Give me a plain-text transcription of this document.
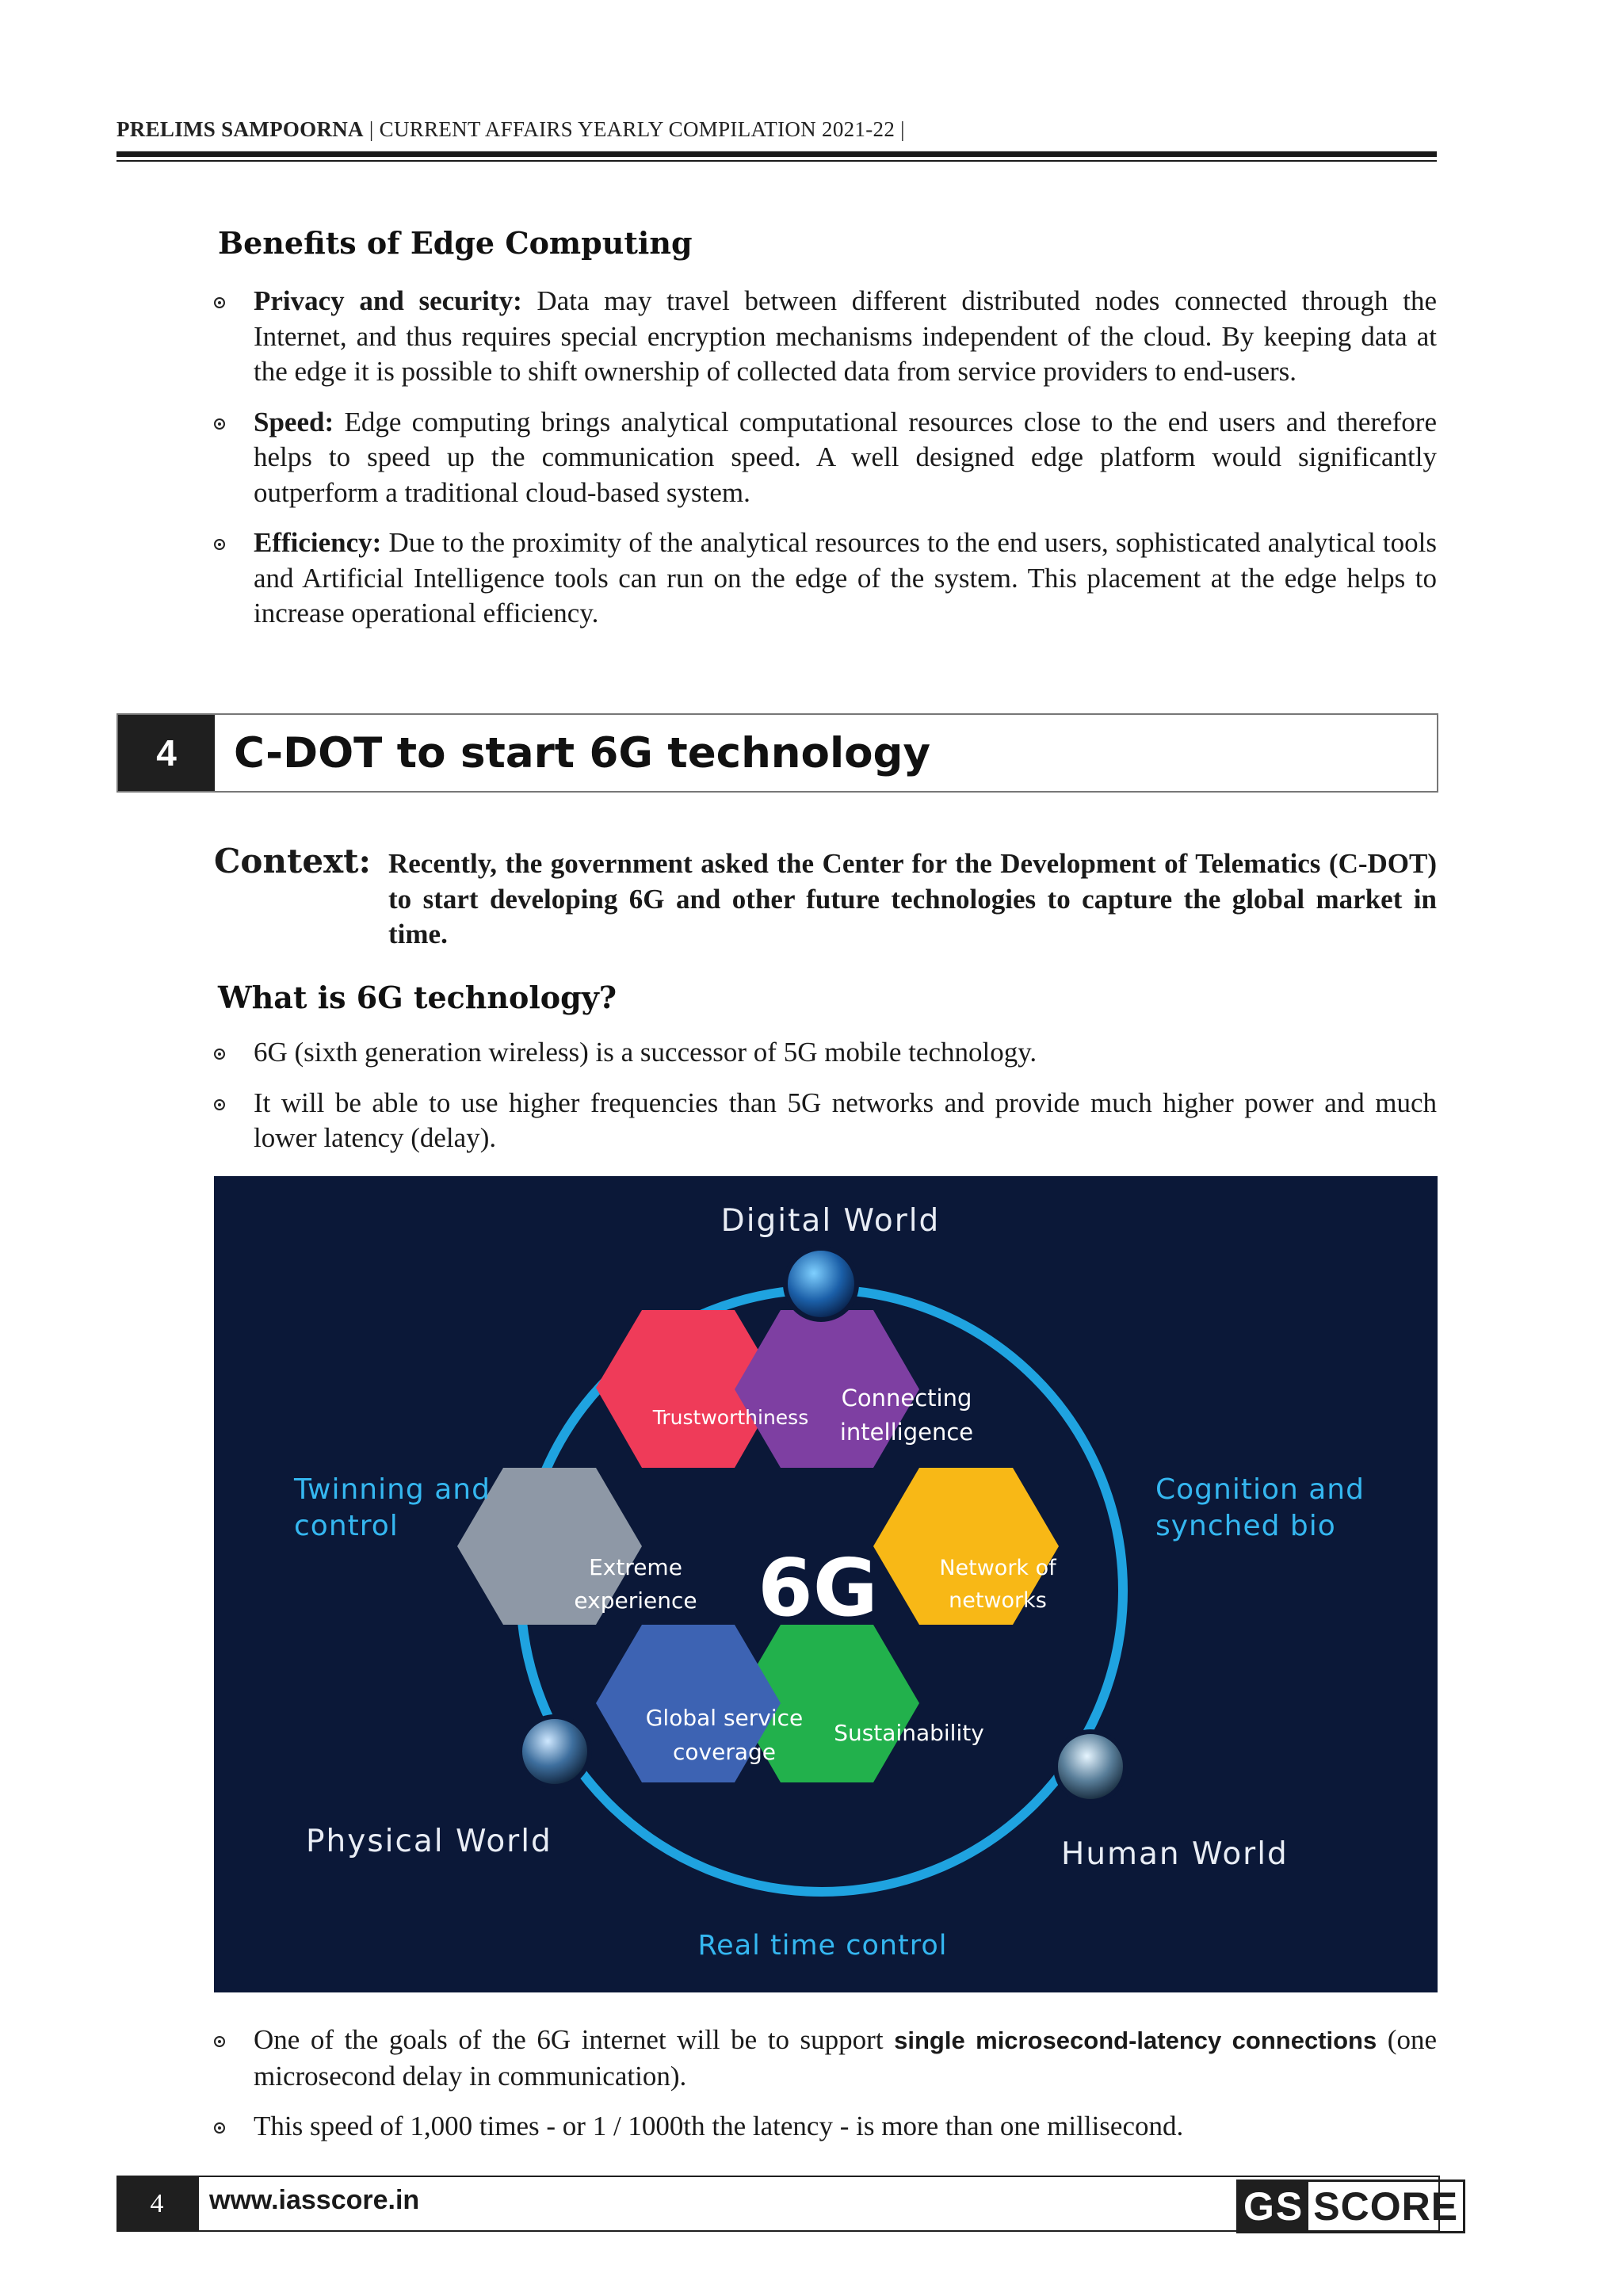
PRELIMS SAMPOORNA | CURRENT AFFAIRS YEARLY COMPILATION 2021-22 |
Benefits of Edge Computing
Privacy and security: Data may travel between different distributed nodes connected through the Internet, and thus requires special encryption mechanisms independent of the cloud. By keeping data at the edge it is possible to shift ownership of collected data from service providers to end-users.
Speed: Edge computing brings analytical computational resources close to the end users and therefore helps to speed up the communication speed. A well designed edge platform would significantly outperform a traditional cloud-based system.
Efficiency: Due to the proximity of the analytical resources to the end users, sophisticated analytical tools and Artificial Intelligence tools can run on the edge of the system. This placement at the edge helps to increase operational efficiency.
4	C-DOT to start 6G technology
Context: Recently, the government asked the Center for the Development of Telematics (C-DOT) to start developing 6G and other future technologies to capture the global market in time.
What is 6G technology?
6G (sixth generation wireless) is a successor of 5G mobile technology.
It will be able to use higher frequencies than 5G networks and provide much higher power and much lower latency (delay).
Trustworthiness
Connecting
intelligence
Network of
networks
Sustainability
Global service
coverage
Extreme
experience 6G
Digital World
Twinning and
control
Cognition and
synched bio
Physical World	Human World
Real time control
One of the goals of the 6G internet will be to support single microsecond-latency connections (one microsecond delay in communication).
This speed of 1,000 times - or 1 / 1000th the latency - is more than one millisecond.
4	www.iasscore.in	GS SCORE
